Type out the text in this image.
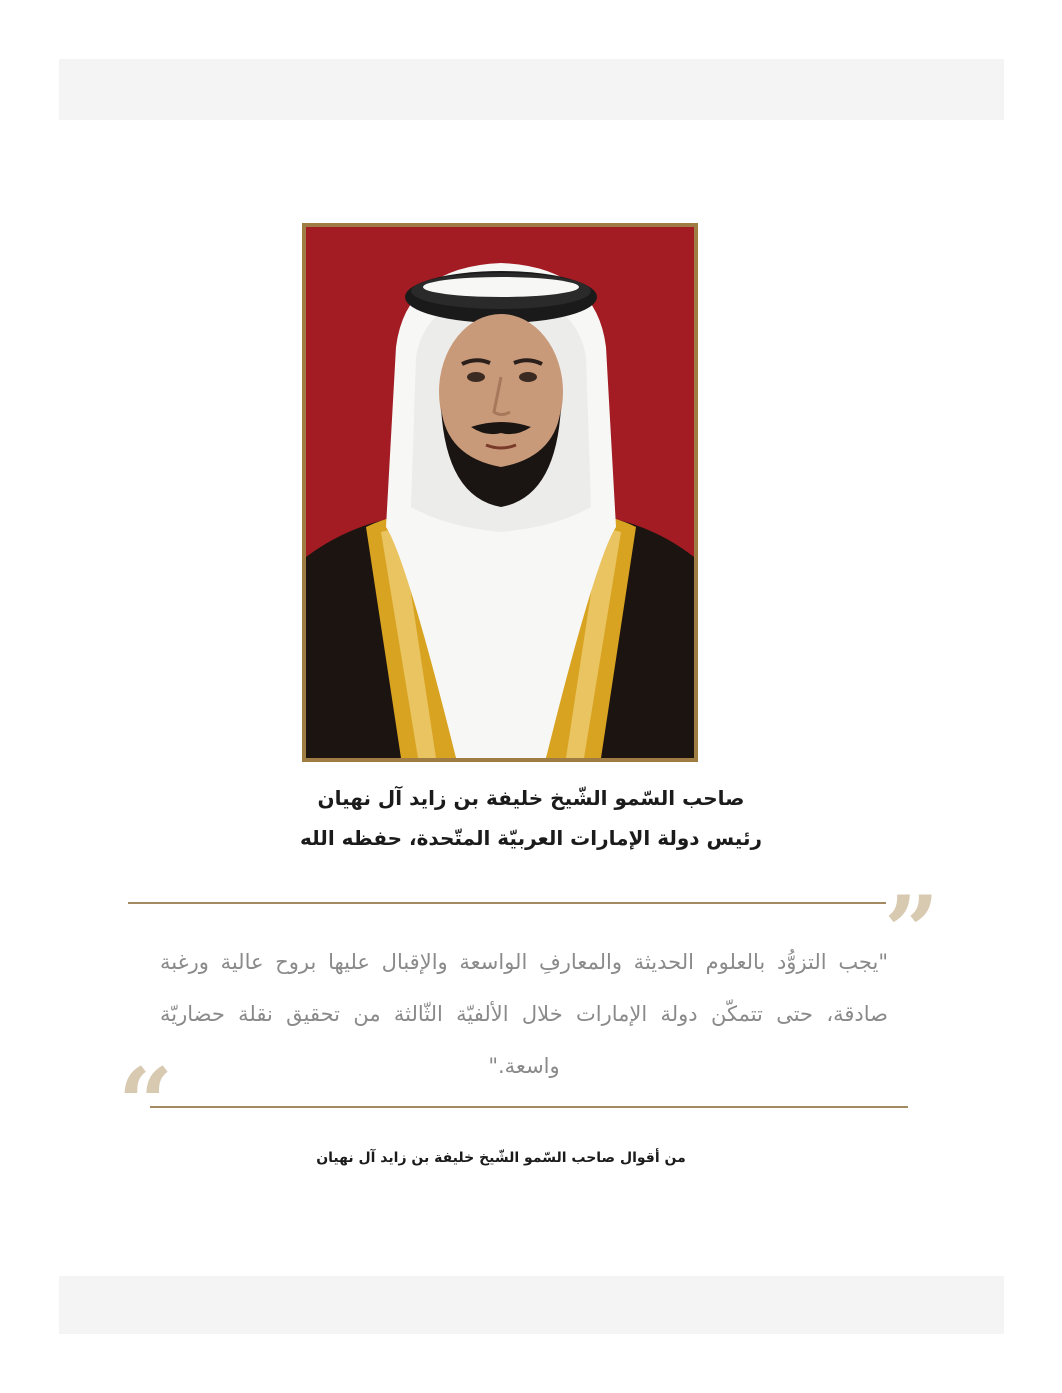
صاحب السّمو الشّيخ خليفة بن زايد آل نهيان
رئيس دولة الإمارات العربيّة المتّحدة، حفظه الله
”
"يجب التزوُّد بالعلوم الحديثة والمعارفِ الواسعة والإقبال عليها بروح عالية ورغبة صادقة، حتى تتمكّن دولة الإمارات خلال الألفيّة الثّالثة من تحقيق نقلة حضاريّة واسعة."
“	من أقوال صاحب السّمو الشّيخ خليفة بن زايد آل نهيان
